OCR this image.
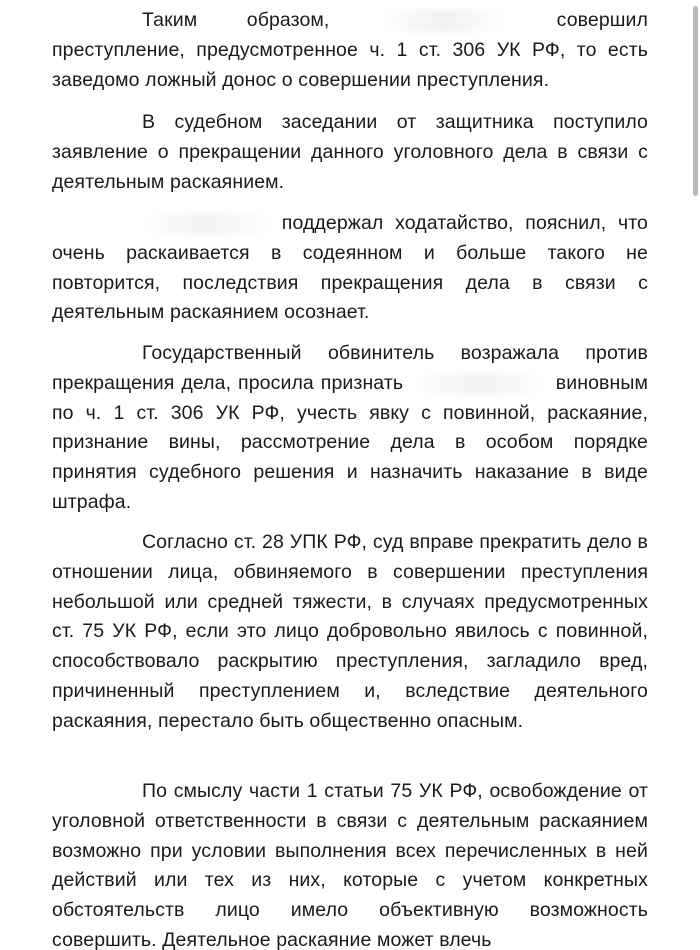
Таким образом,	совершил преступление, предусмотренное ч. 1 ст. 306 УК РФ, то есть заведомо ложный донос о совершении преступления.

В судебном заседании от защитника поступило заявление о прекращении данного уголовного дела в связи с деятельным раскаянием.

поддержал ходатайство, пояснил, что очень раскаивается в содеянном и больше такого не повторится, последствия прекращения дела в связи с деятельным раскаянием осознает.

Государственный обвинитель возражала против прекращения дела, просила признать	виновным по ч. 1 ст. 306 УК РФ, учесть явку с повинной, раскаяние, признание вины, рассмотрение дела в особом порядке принятия судебного решения и назначить наказание в виде штрафа.

Согласно ст. 28 УПК РФ, суд вправе прекратить дело в отношении лица, обвиняемого в совершении преступления небольшой или средней тяжести, в случаях предусмотренных ст. 75 УК РФ, если это лицо добровольно явилось с повинной, способствовало раскрытию преступления, загладило вред, причиненный преступлением и, вследствие деятельного раскаяния, перестало быть общественно опасным.

По смыслу части 1 статьи 75 УК РФ, освобождение от уголовной ответственности в связи с деятельным раскаянием возможно при условии выполнения всех перечисленных в ней действий или тех из них, которые с учетом конкретных обстоятельств лицо имело объективную возможность совершить. Деятельное раскаяние может влечь
